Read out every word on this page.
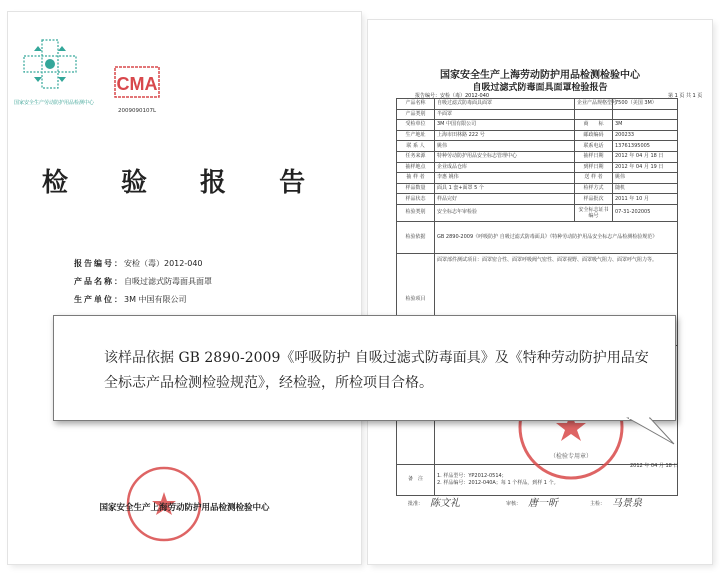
国家安全生产劳动防护用品检测中心
CMA
2009090107L
检 验 报 告
报告编号：安检（毒）2012-040
产品名称：自吸过滤式防毒面具面罩
生产单位：3M 中国有限公司
国家安全生产上海劳动防护用品检测检验中心
国家安全生产上海劳动防护用品检测检验中心
自吸过滤式防毒面具面罩检验报告
报告编号：安检（毒）2012-040	第 1 页 共 1 页
产品名称	自吸过滤式防毒面具面罩	企业产品规格型号	7500（美国 3M）
产品类别	半面罩		
受检单位	3M 中国有限公司	商　　标	3M
生产地址	上海市田林路 222 号	邮政编码	200233
联 系 人	姚伟	联系电话	13761395005
任务来源	特种劳动防护用品安全标志管理中心	抽样日期	2012 年 04 月 18 日
抽样地点	企业成品仓库	到样日期	2012 年 04 月 19 日
抽 样 者	李惠 姚伟	送 样 者	姚伟
样品数量	面具 1 套+面罩 5 个	检样方式	随机
样品状态	样品完好	样品批次	2011 年 10 月
检验类别	安全标志年审检验	安全标志证书编号	07-31-202005
检验依据	GB 2890-2009《呼吸防护 自吸过滤式防毒面具》《特种劳动防护用品安全标志产品检测检验规范》		
检验项目	面罩部件测试项目：面罩密合性、面罩呼吸阀气密性、面罩视野、面罩吸气阻力、面罩呼气阻力等。		

备　注	1. 样品型号：YP2012-0514；
2. 样品编号：2012-040A；每 1 个样品，到样 1 个。		
（检验专用章）
2012 年 04 月 18 日
批准： 陈文礼	审核： 唐一昕	主检： 马景泉
该样品依据 GB 2890-2009《呼吸防护 自吸过滤式防毒面具》及《特种劳动防护用品安全标志产品检测检验规范》，经检验，所检项目合格。
